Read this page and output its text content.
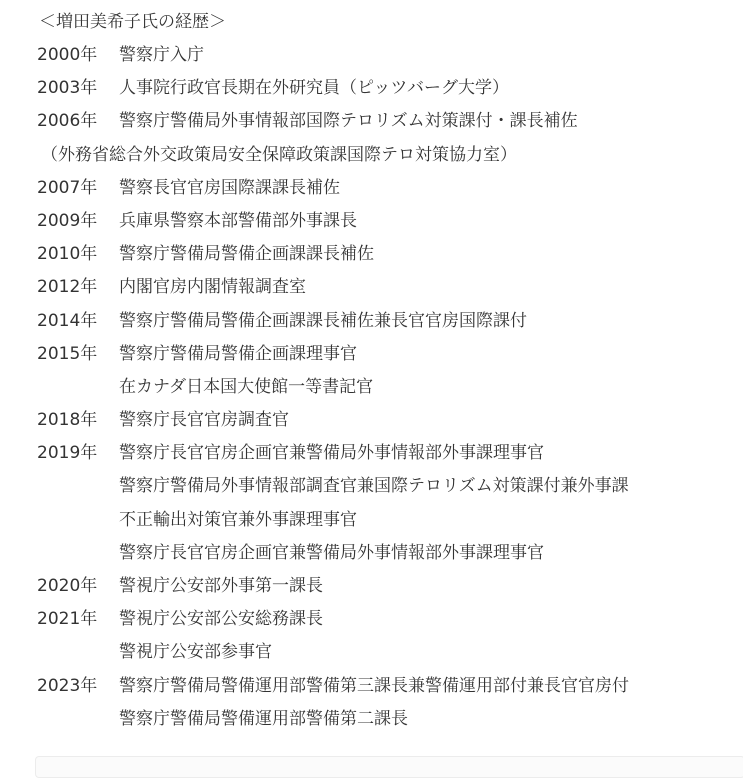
＜増田美希子氏の経歴＞
2000年	警察庁入庁
2003年	人事院行政官長期在外研究員（ピッツバーグ大学）
2006年	警察庁警備局外事情報部国際テロリズム対策課付・課長補佐
（外務省総合外交政策局安全保障政策課国際テロ対策協力室）
2007年	警察長官官房国際課課長補佐
2009年	兵庫県警察本部警備部外事課長
2010年	警察庁警備局警備企画課課長補佐
2012年	内閣官房内閣情報調査室
2014年	警察庁警備局警備企画課課長補佐兼長官官房国際課付
2015年	警察庁警備局警備企画課理事官
在カナダ日本国大使館一等書記官
2018年	警察庁長官官房調査官
2019年	警察庁長官官房企画官兼警備局外事情報部外事課理事官
警察庁警備局外事情報部調査官兼国際テロリズム対策課付兼外事課
不正輸出対策官兼外事課理事官
警察庁長官官房企画官兼警備局外事情報部外事課理事官
2020年	警視庁公安部外事第一課長
2021年	警視庁公安部公安総務課長
警視庁公安部参事官
2023年	警察庁警備局警備運用部警備第三課長兼警備運用部付兼長官官房付
警察庁警備局警備運用部警備第二課長
